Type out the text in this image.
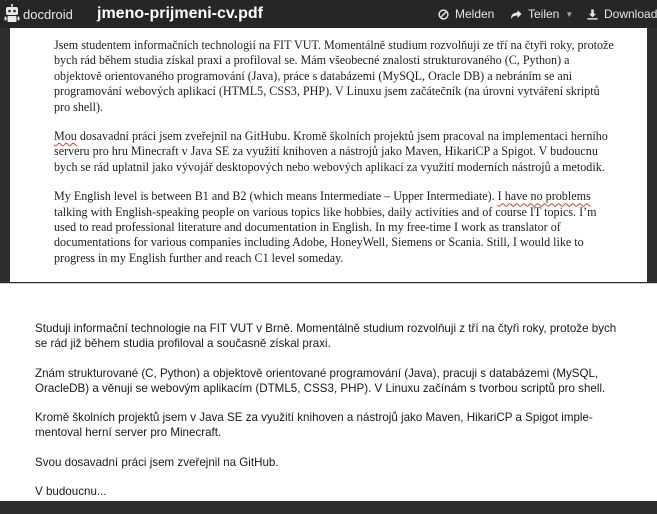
docdroid jmeno-prijmeni-cv.pdf	Melden	Teilen ▼	Download

Jsem studentem informačních technologií na FIT VUT. Momentálně studium rozvolňuji ze tří na čtyři roky, protože bych rád během studia získal praxi a profiloval se. Mám všeobecné znalosti strukturovaného (C, Python) a objektově orientovaného programování (Java), práce s databázemi (MySQL, Oracle DB) a nebráním se ani programování webových aplikací (HTML5, CSS3, PHP). V Linuxu jsem začátečník (na úrovni vytváření skriptů pro shell).

Mou dosavadní práci jsem zveřejnil na GitHubu. Kromě školních projektů jsem pracoval na implementaci herního serveru pro hru Minecraft v Java SE za využití knihoven a nástrojů jako Maven, HikariCP a Spigot. V budoucnu bych se rád uplatnil jako vývojář desktopových nebo webových aplikací za využití moderních nástrojů a metodik.

My English level is between B1 and B2 (which means Intermediate – Upper Intermediate). I have no problems talking with English-speaking people on various topics like hobbies, daily activities and of course IT topics. I’m used to read professional literature and documentation in English. In my free-time I work as translator of documentations for various companies including Adobe, HoneyWell, Siemens or Scania. Still, I would like to progress in my English further and reach C1 level someday.

Studuji informační technologie na FIT VUT v Brně. Momentálně studium rozvolňuji z tří na čtyři roky, protože bych se rád již během studia profiloval a současně získal praxi.

Znám strukturované (C, Python) a objektově orientované programování (Java), pracuji s databázemi (MySQL, OracleDB) a věnuji se webovým aplikacím (DTML5, CSS3, PHP). V Linuxu začínám s tvorbou scriptů pro shell.

Kromě školních projektů jsem v Java SE za využití knihoven a nástrojů jako Maven, HikariCP a Spigot implementoval herní server pro Minecraft.

Svou dosavadní práci jsem zveřejnil na GitHub.

V budoucnu...
